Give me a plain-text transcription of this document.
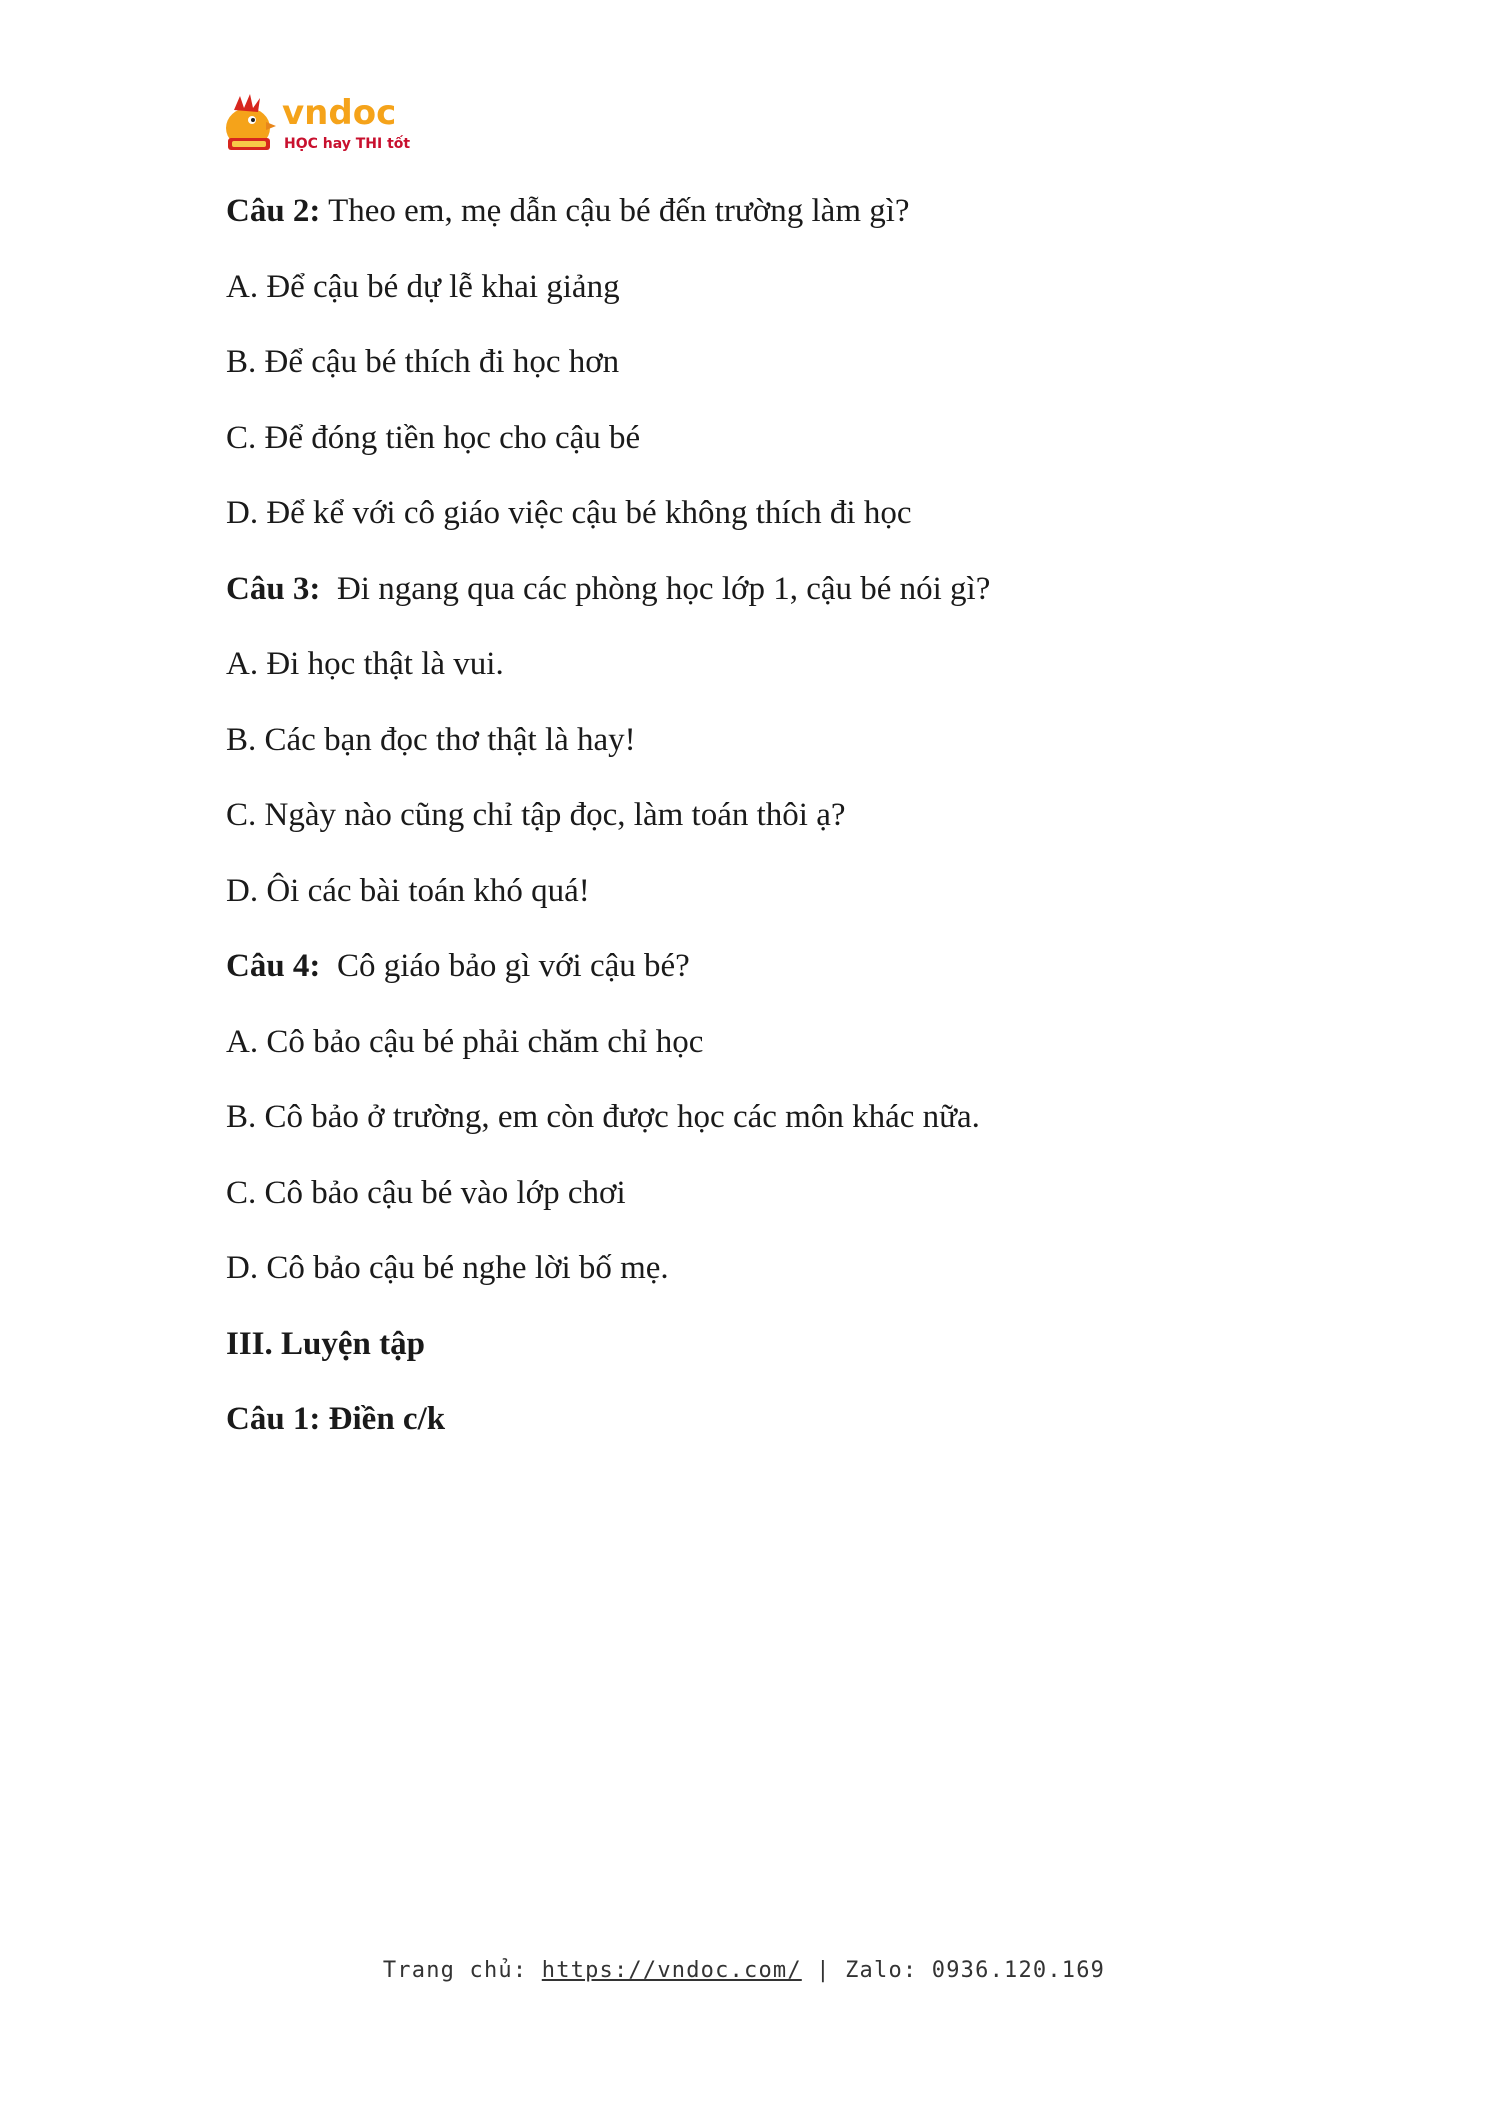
vndoc
HỌC hay THI tốt
Câu 2: Theo em, mẹ dẫn cậu bé đến trường làm gì?
A. Để cậu bé dự lễ khai giảng
B. Để cậu bé thích đi học hơn
C. Để đóng tiền học cho cậu bé
D. Để kể với cô giáo việc cậu bé không thích đi học
Câu 3:  Đi ngang qua các phòng học lớp 1, cậu bé nói gì?
A. Đi học thật là vui.
B. Các bạn đọc thơ thật là hay!
C. Ngày nào cũng chỉ tập đọc, làm toán thôi ạ?
D. Ôi các bài toán khó quá!
Câu 4:  Cô giáo bảo gì với cậu bé?
A. Cô bảo cậu bé phải chăm chỉ học
B. Cô bảo ở trường, em còn được học các môn khác nữa.
C. Cô bảo cậu bé vào lớp chơi
D. Cô bảo cậu bé nghe lời bố mẹ.
III. Luyện tập
Câu 1: Điền c/k
Trang chủ: https://vndoc.com/ | Zalo: 0936.120.169
